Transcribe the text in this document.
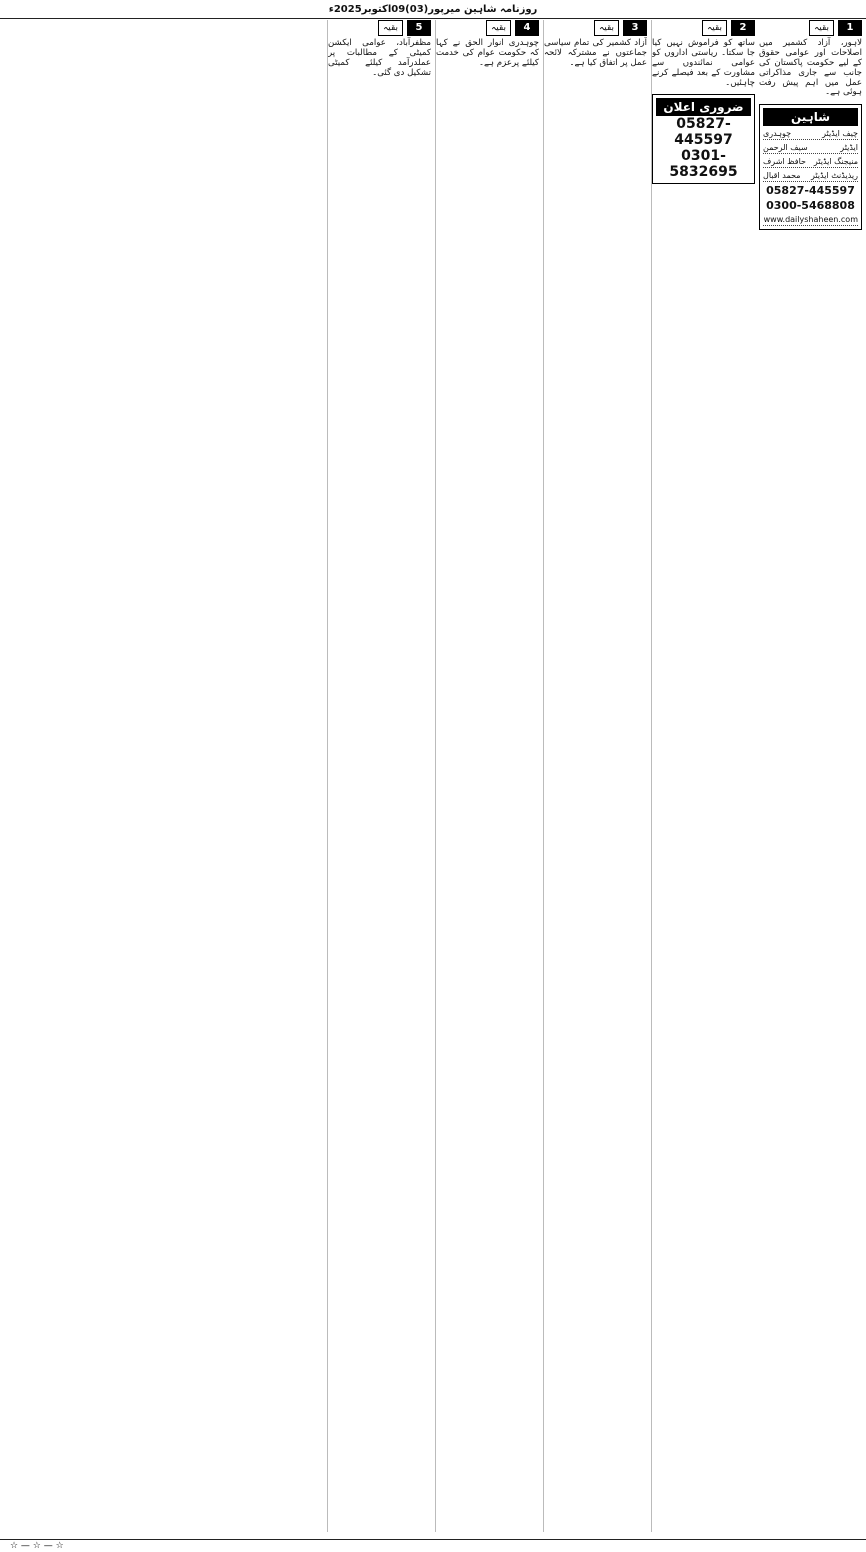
روزنامہ شاہین میرپور(03)09اکتوبر2025ء
1
بقیہ
لاہور، آزاد کشمیر میں اصلاحات اور عوامی حقوق کے لیے حکومت پاکستان کی جانب سے جاری مذاکراتی عمل میں اہم پیش رفت ہوئی ہے۔
شاہین
چیف ایڈیٹر
چوہدری
ایڈیٹر
سیف الرحمن
منیجنگ ایڈیٹر
حافظ اشرف
ریذیڈنٹ ایڈیٹر
محمد اقبال
05827-445597
0300-5468808
www.dailyshaheen.com
2
بقیہ
ساتھ کو فراموش نہیں کیا جا سکتا۔ ریاستی اداروں کو عوامی نمائندوں سے مشاورت کے بعد فیصلے کرنے چاہئیں۔
ضروری اعلان
05827-445597
0301-5832695
3
بقیہ
آزاد کشمیر کی تمام سیاسی جماعتوں نے مشترکہ لائحہ عمل پر اتفاق کیا ہے۔
4
بقیہ
چوہدری انوار الحق نے کہا کہ حکومت عوام کی خدمت کیلئے پرعزم ہے۔
5
بقیہ
مظفرآباد، عوامی ایکشن کمیٹی کے مطالبات پر عملدرآمد کیلئے کمیٹی تشکیل دی گئی۔
☆ — ☆ — ☆
